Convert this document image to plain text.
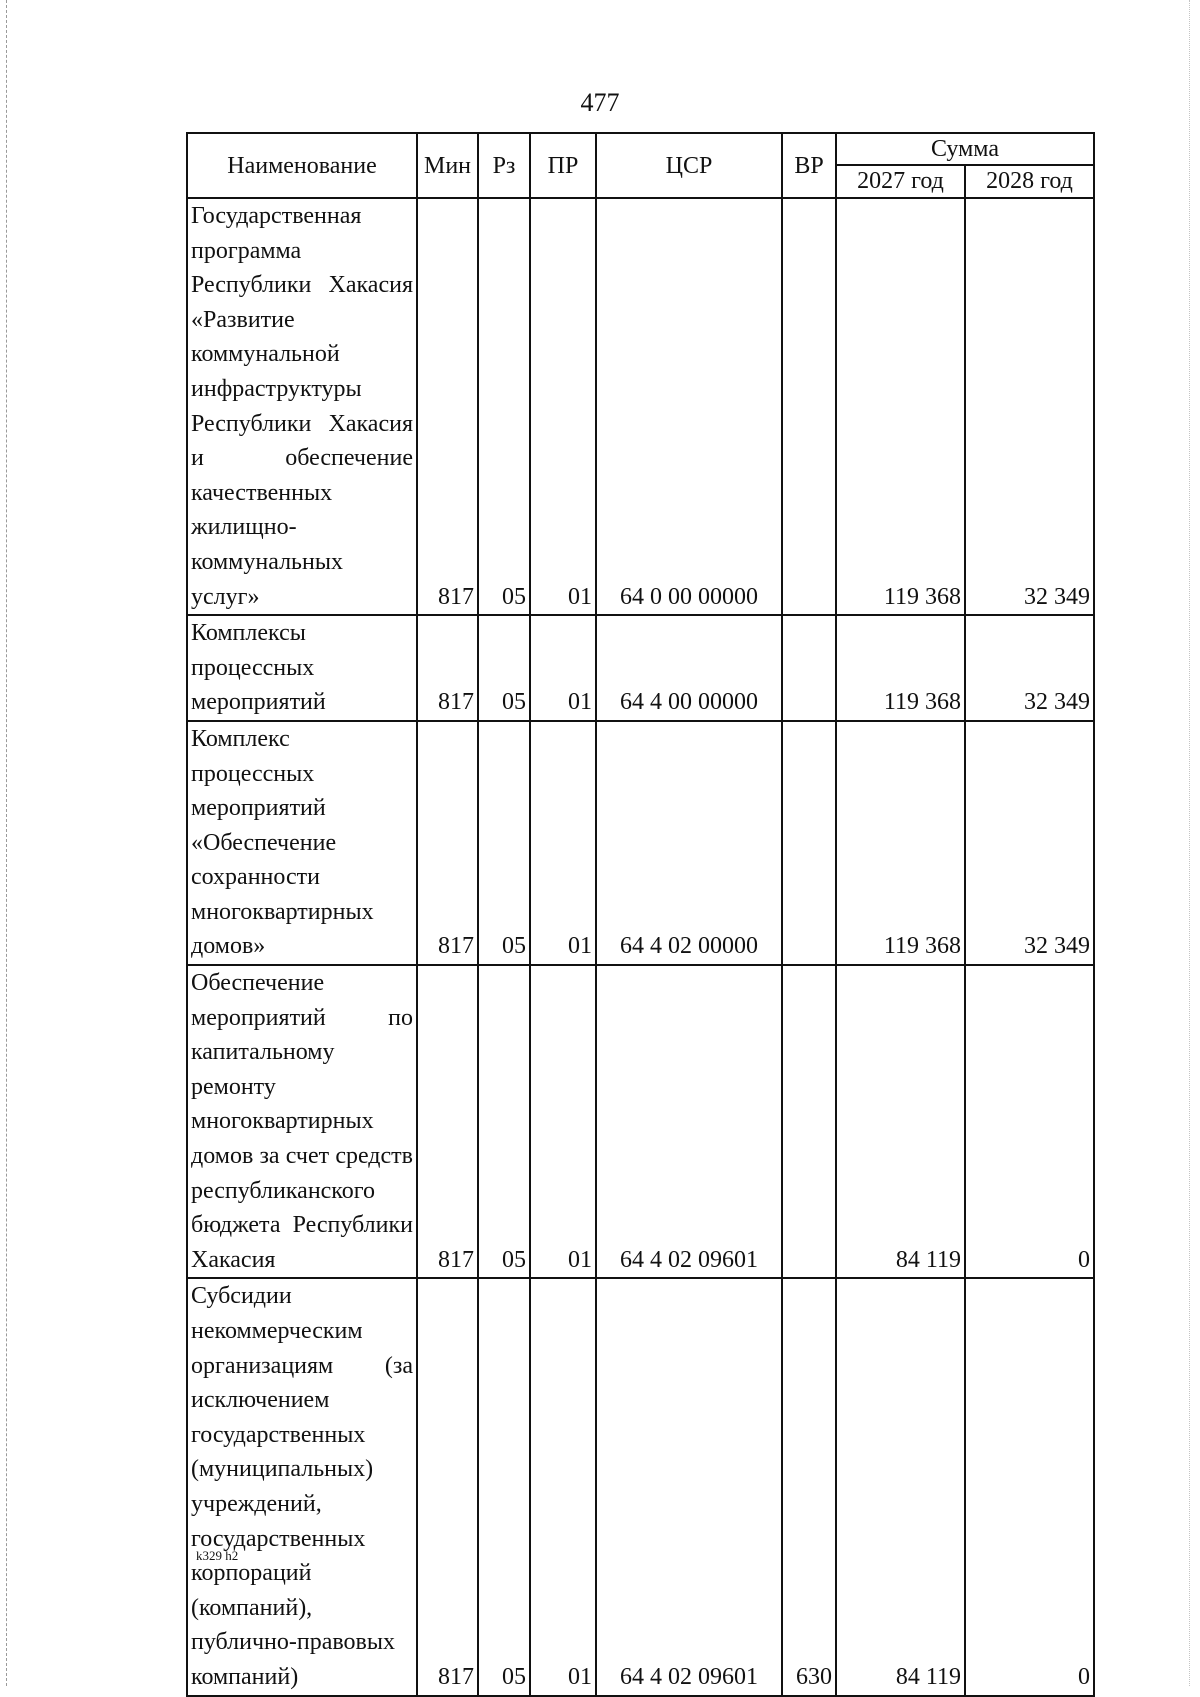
477
Наименование	Мин	Рз	ПР	ЦСР	ВР	Сумма	
						2027 год	2028 год
Государственная программа Республики Хакасия «Развитие коммунальной инфраструктуры Республики Хакасия и обеспечение качественных жилищно-коммунальных услуг»	817	05	01	64 0 00 00000		119 368	32 349
Комплексы процессных мероприятий	817	05	01	64 4 00 00000		119 368	32 349
Комплекс процессных мероприятий «Обеспечение сохранности многоквартирных домов»	817	05	01	64 4 02 00000		119 368	32 349
Обеспечение мероприятий по капитальному ремонту многоквартирных домов за счет средств республиканского бюджета Республики Хакасия	817	05	01	64 4 02 09601		84 119	0
Субсидии некоммерческим организациям (за исключением государственных (муниципальных) учреждений, государственных корпораций (компаний), публично-правовых компаний)	817	05	01	64 4 02 09601	630	84 119	0
k329 h2
